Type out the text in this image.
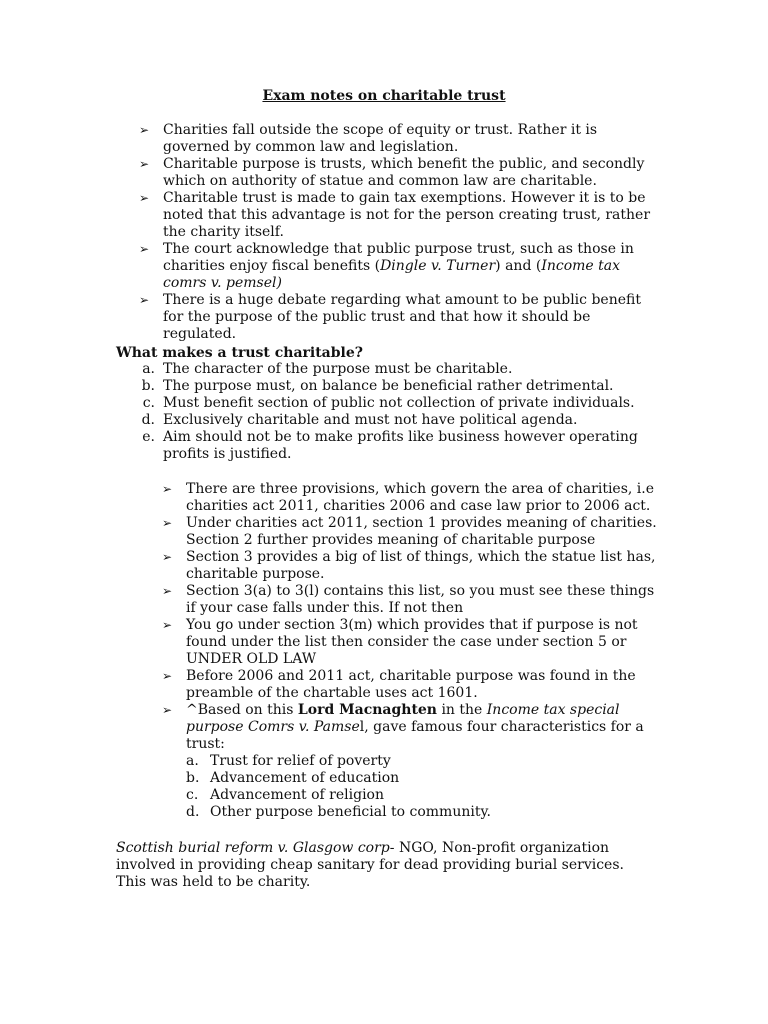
Exam notes on charitable trust
➢ Charities fall outside the scope of equity or trust. Rather it is governed by common law and legislation.
➢ Charitable purpose is trusts, which benefit the public, and secondly which on authority of statue and common law are charitable.
➢ Charitable trust is made to gain tax exemptions. However it is to be noted that this advantage is not for the person creating trust, rather the charity itself.
➢ The court acknowledge that public purpose trust, such as those in charities enjoy fiscal benefits (Dingle v. Turner) and (Income tax comrs v. pemsel)
➢ There is a huge debate regarding what amount to be public benefit for the purpose of the public trust and that how it should be regulated.
What makes a trust charitable?
a. The character of the purpose must be charitable.
b. The purpose must, on balance be beneficial rather detrimental.
c. Must benefit section of public not collection of private individuals.
d. Exclusively charitable and must not have political agenda.
e. Aim should not be to make profits like business however operating profits is justified.
➢ There are three provisions, which govern the area of charities, i.e charities act 2011, charities 2006 and case law prior to 2006 act.
➢ Under charities act 2011, section 1 provides meaning of charities. Section 2 further provides meaning of charitable purpose
➢ Section 3 provides a big of list of things, which the statue list has, charitable purpose.
➢ Section 3(a) to 3(l) contains this list, so you must see these things if your case falls under this. If not then
➢ You go under section 3(m) which provides that if purpose is not found under the list then consider the case under section 5 or UNDER OLD LAW
➢ Before 2006 and 2011 act, charitable purpose was found in the preamble of the chartable uses act 1601.
➢ ^Based on this Lord Macnaghten in the Income tax special purpose Comrs v. Pamsel, gave famous four characteristics for a trust:
a. Trust for relief of poverty
b. Advancement of education
c. Advancement of religion
d. Other purpose beneficial to community.
Scottish burial reform v. Glasgow corp- NGO, Non-profit organization involved in providing cheap sanitary for dead providing burial services. This was held to be charity.
